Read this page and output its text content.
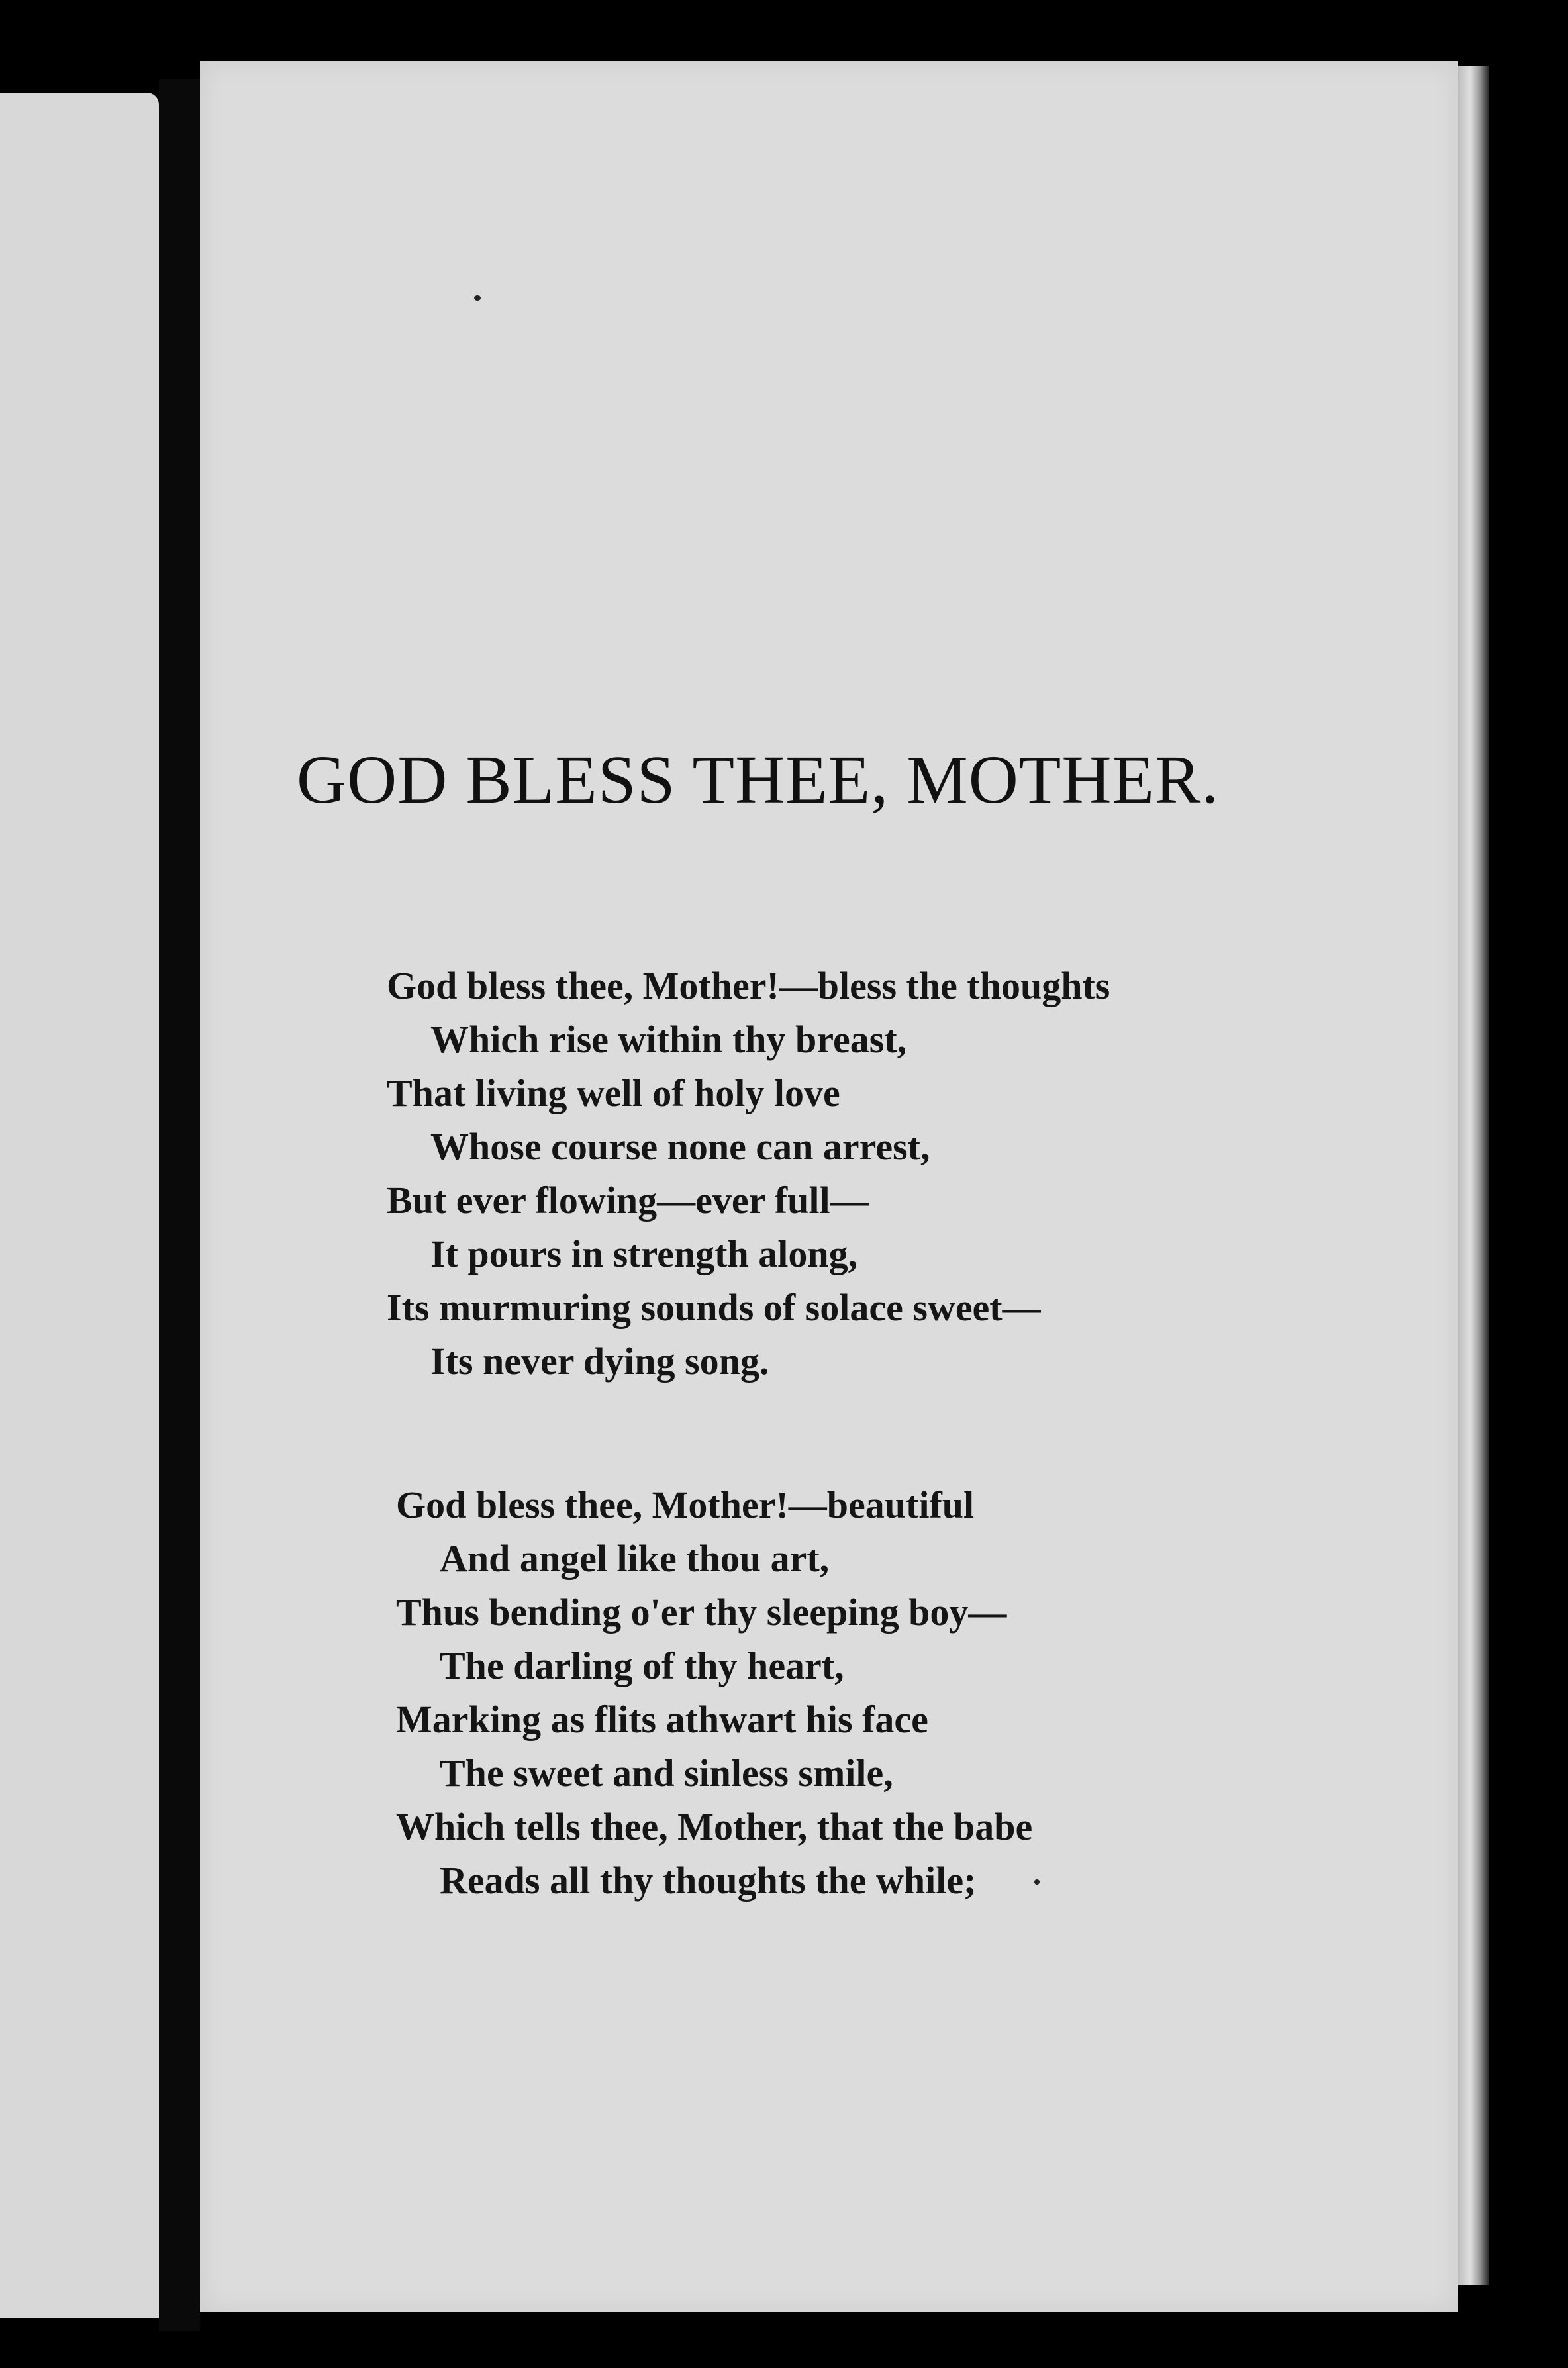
GOD BLESS THEE, MOTHER.
God bless thee, Mother!—bless the thoughts
Which rise within thy breast,
That living well of holy love
Whose course none can arrest,
But ever flowing—ever full—
It pours in strength along,
Its murmuring sounds of solace sweet—
Its never dying song.
God bless thee, Mother!—beautiful
And angel like thou art,
Thus bending o'er thy sleeping boy—
The darling of thy heart,
Marking as flits athwart his face
The sweet and sinless smile,
Which tells thee, Mother, that the babe
Reads all thy thoughts the while;
